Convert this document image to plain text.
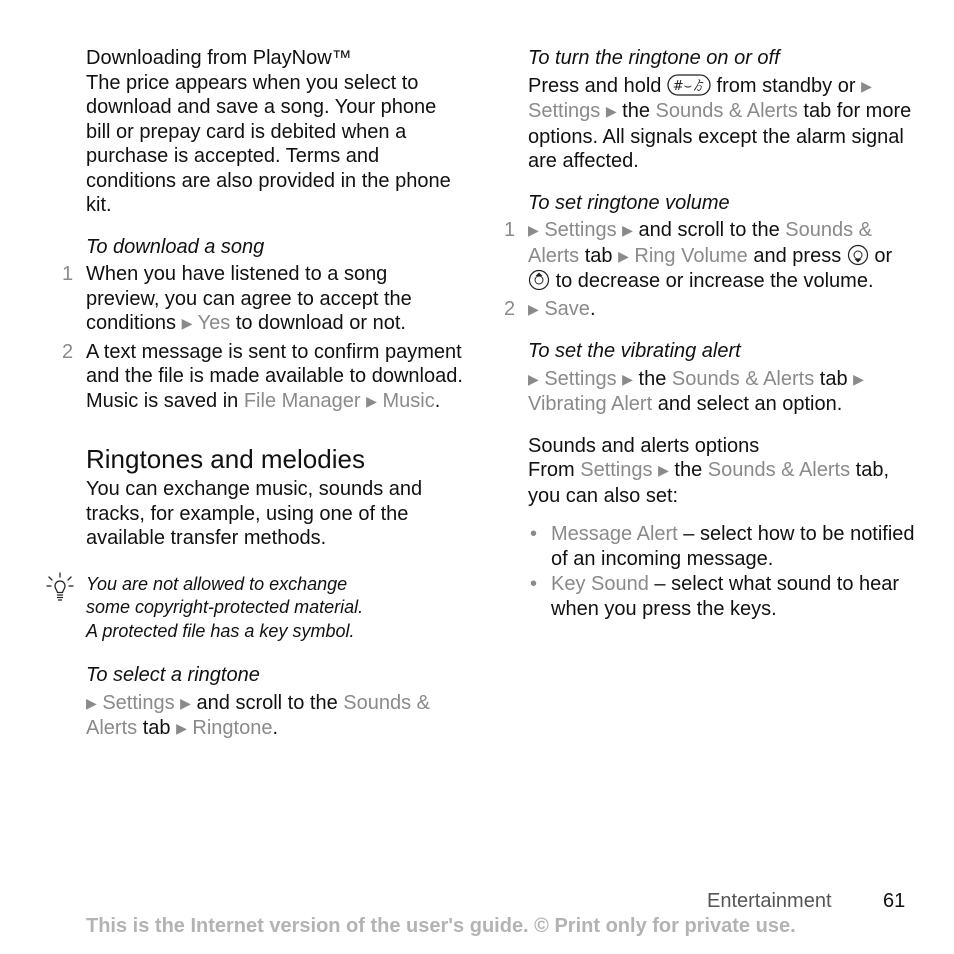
Downloading from PlayNow™

The price appears when you select to download and save a song. Your phone bill or prepay card is debited when a purchase is accepted. Terms and conditions are also provided in the phone kit.

To download a song
1 When you have listened to a song preview, you can agree to accept the conditions ▶ Yes to download or not.
2 A text message is sent to confirm payment and the file is made available to download. Music is saved in File Manager ▶ Music.
Ringtones and melodies

You can exchange music, sounds and tracks, for example, using one of the available transfer methods.

You are not allowed to exchange

some copyright-protected material.

A protected file has a key symbol.

To select a ringtone

▶ Settings ▶ and scroll to the Sounds & Alerts tab ▶ Ringtone.

To turn the ringtone on or off

Press and hold #⌣ゟ from standby or ▶ Settings ▶ the Sounds & Alerts tab for more options. All signals except the alarm signal are affected.

To set ringtone volume
1 ▶ Settings ▶ and scroll to the Sounds & Alerts tab ▶ Ring Volume and press or  to decrease or increase the volume.
2 ▶ Save.
To set the vibrating alert

▶ Settings ▶ the Sounds & Alerts tab ▶ Vibrating Alert and select an option.

Sounds and alerts options

From Settings ▶ the Sounds & Alerts tab, you can also set:

• Message Alert – select how to be notified of an incoming message.
• Key Sound – select what sound to hear when you press the keys.
Entertainment	61
This is the Internet version of the user's guide. © Print only for private use.
